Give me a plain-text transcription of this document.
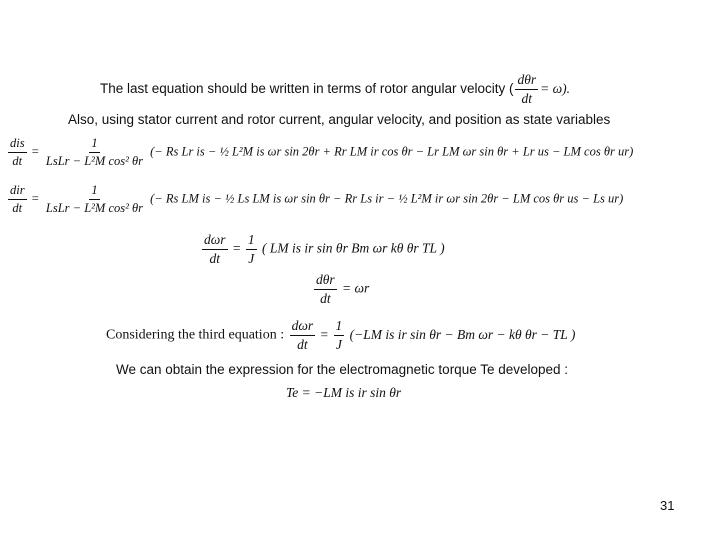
The last equation should be written in terms of rotor angular velocity ( $\frac{\text{dθr}}{dt} = \omega$).
Also, using stator current and rotor current, angular velocity, and position as state variables
$\frac{\text{dis}}{dt} = \frac{1}{\text{LsLr − L²M cos² θr}}$ (− Rs Lr is − ½ L²M is ωr sin 2θr + Rr LM ir cos θr − Lr LM ωr sin θr + Lr us − LM cos θr ur)
$\frac{\text{dir}}{dt} = \frac{1}{\text{LsLr − L²M cos² θr}}$ (− Rs LM is − ½ Ls LM is ωr sin θr − Rr Ls ir − ½ L²M ir ωr sin 2θr − LM cos θr us − Ls ur)
$\frac{\text{dωr}}{dt} = \frac{1}{J}$ ( LM is ir sin θr Bm ωr kθ θr TL )
$\frac{\text{dθr}}{dt} = \omega r$
Considering the third equation : $\frac{\text{dωr}}{dt} = \frac{1}{J} (-LM$ is ir sin θr − Bm ωr − kθ θr − TL )
We can obtain the expression for the electromagnetic torque Te developed :
Te = −LM is ir sin θr
31
